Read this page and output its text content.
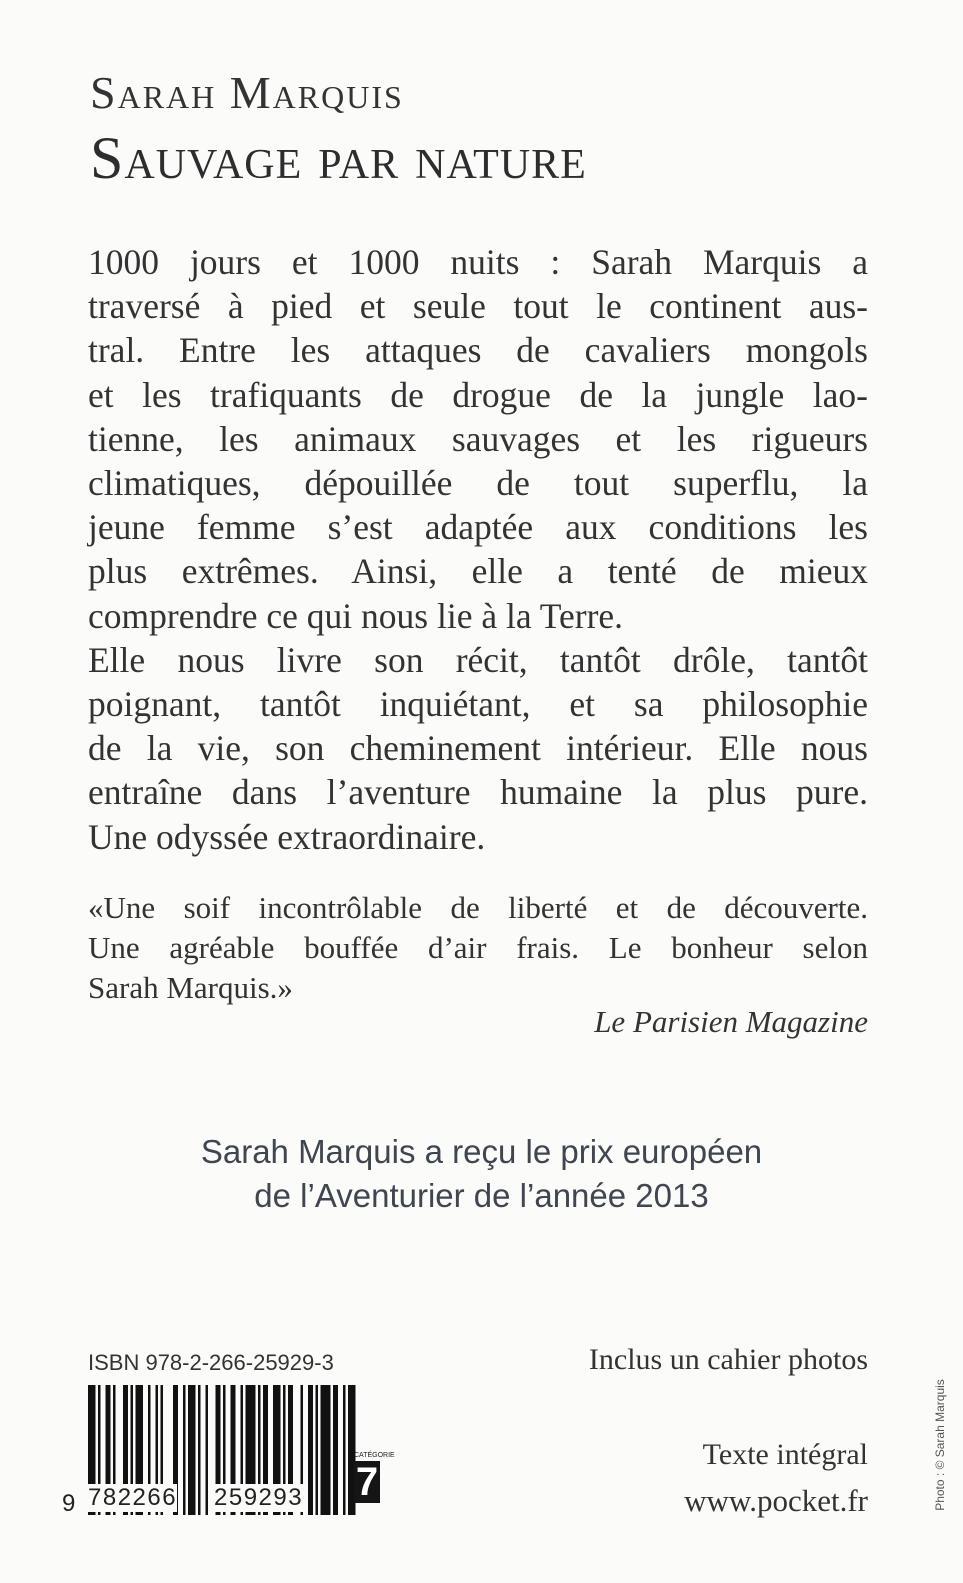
Sarah Marquis
Sauvage par nature
1000 jours et 1000 nuits : Sarah Marquis a
traversé à pied et seule tout le continent aus-
tral. Entre les attaques de cavaliers mongols
et les trafiquants de drogue de la jungle lao-
tienne, les animaux sauvages et les rigueurs
climatiques, dépouillée de tout superflu, la
jeune femme s’est adaptée aux conditions les
plus extrêmes. Ainsi, elle a tenté de mieux
comprendre ce qui nous lie à la Terre.
Elle nous livre son récit, tantôt drôle, tantôt
poignant, tantôt inquiétant, et sa philosophie
de la vie, son cheminement intérieur. Elle nous
entraîne dans l’aventure humaine la plus pure.
Une odyssée extraordinaire.
«Une soif incontrôlable de liberté et de découverte.
Une agréable bouffée d’air frais. Le bonheur selon
Sarah Marquis.»
Le Parisien Magazine
Sarah Marquis a reçu le prix européen
de l’Aventurier de l’année 2013
ISBN 978-2-266-25929-3
9 782266 259293
CATÉGORIE
7
Inclus un cahier photos
Texte intégral
www.pocket.fr	Photo : © Sarah Marquis
